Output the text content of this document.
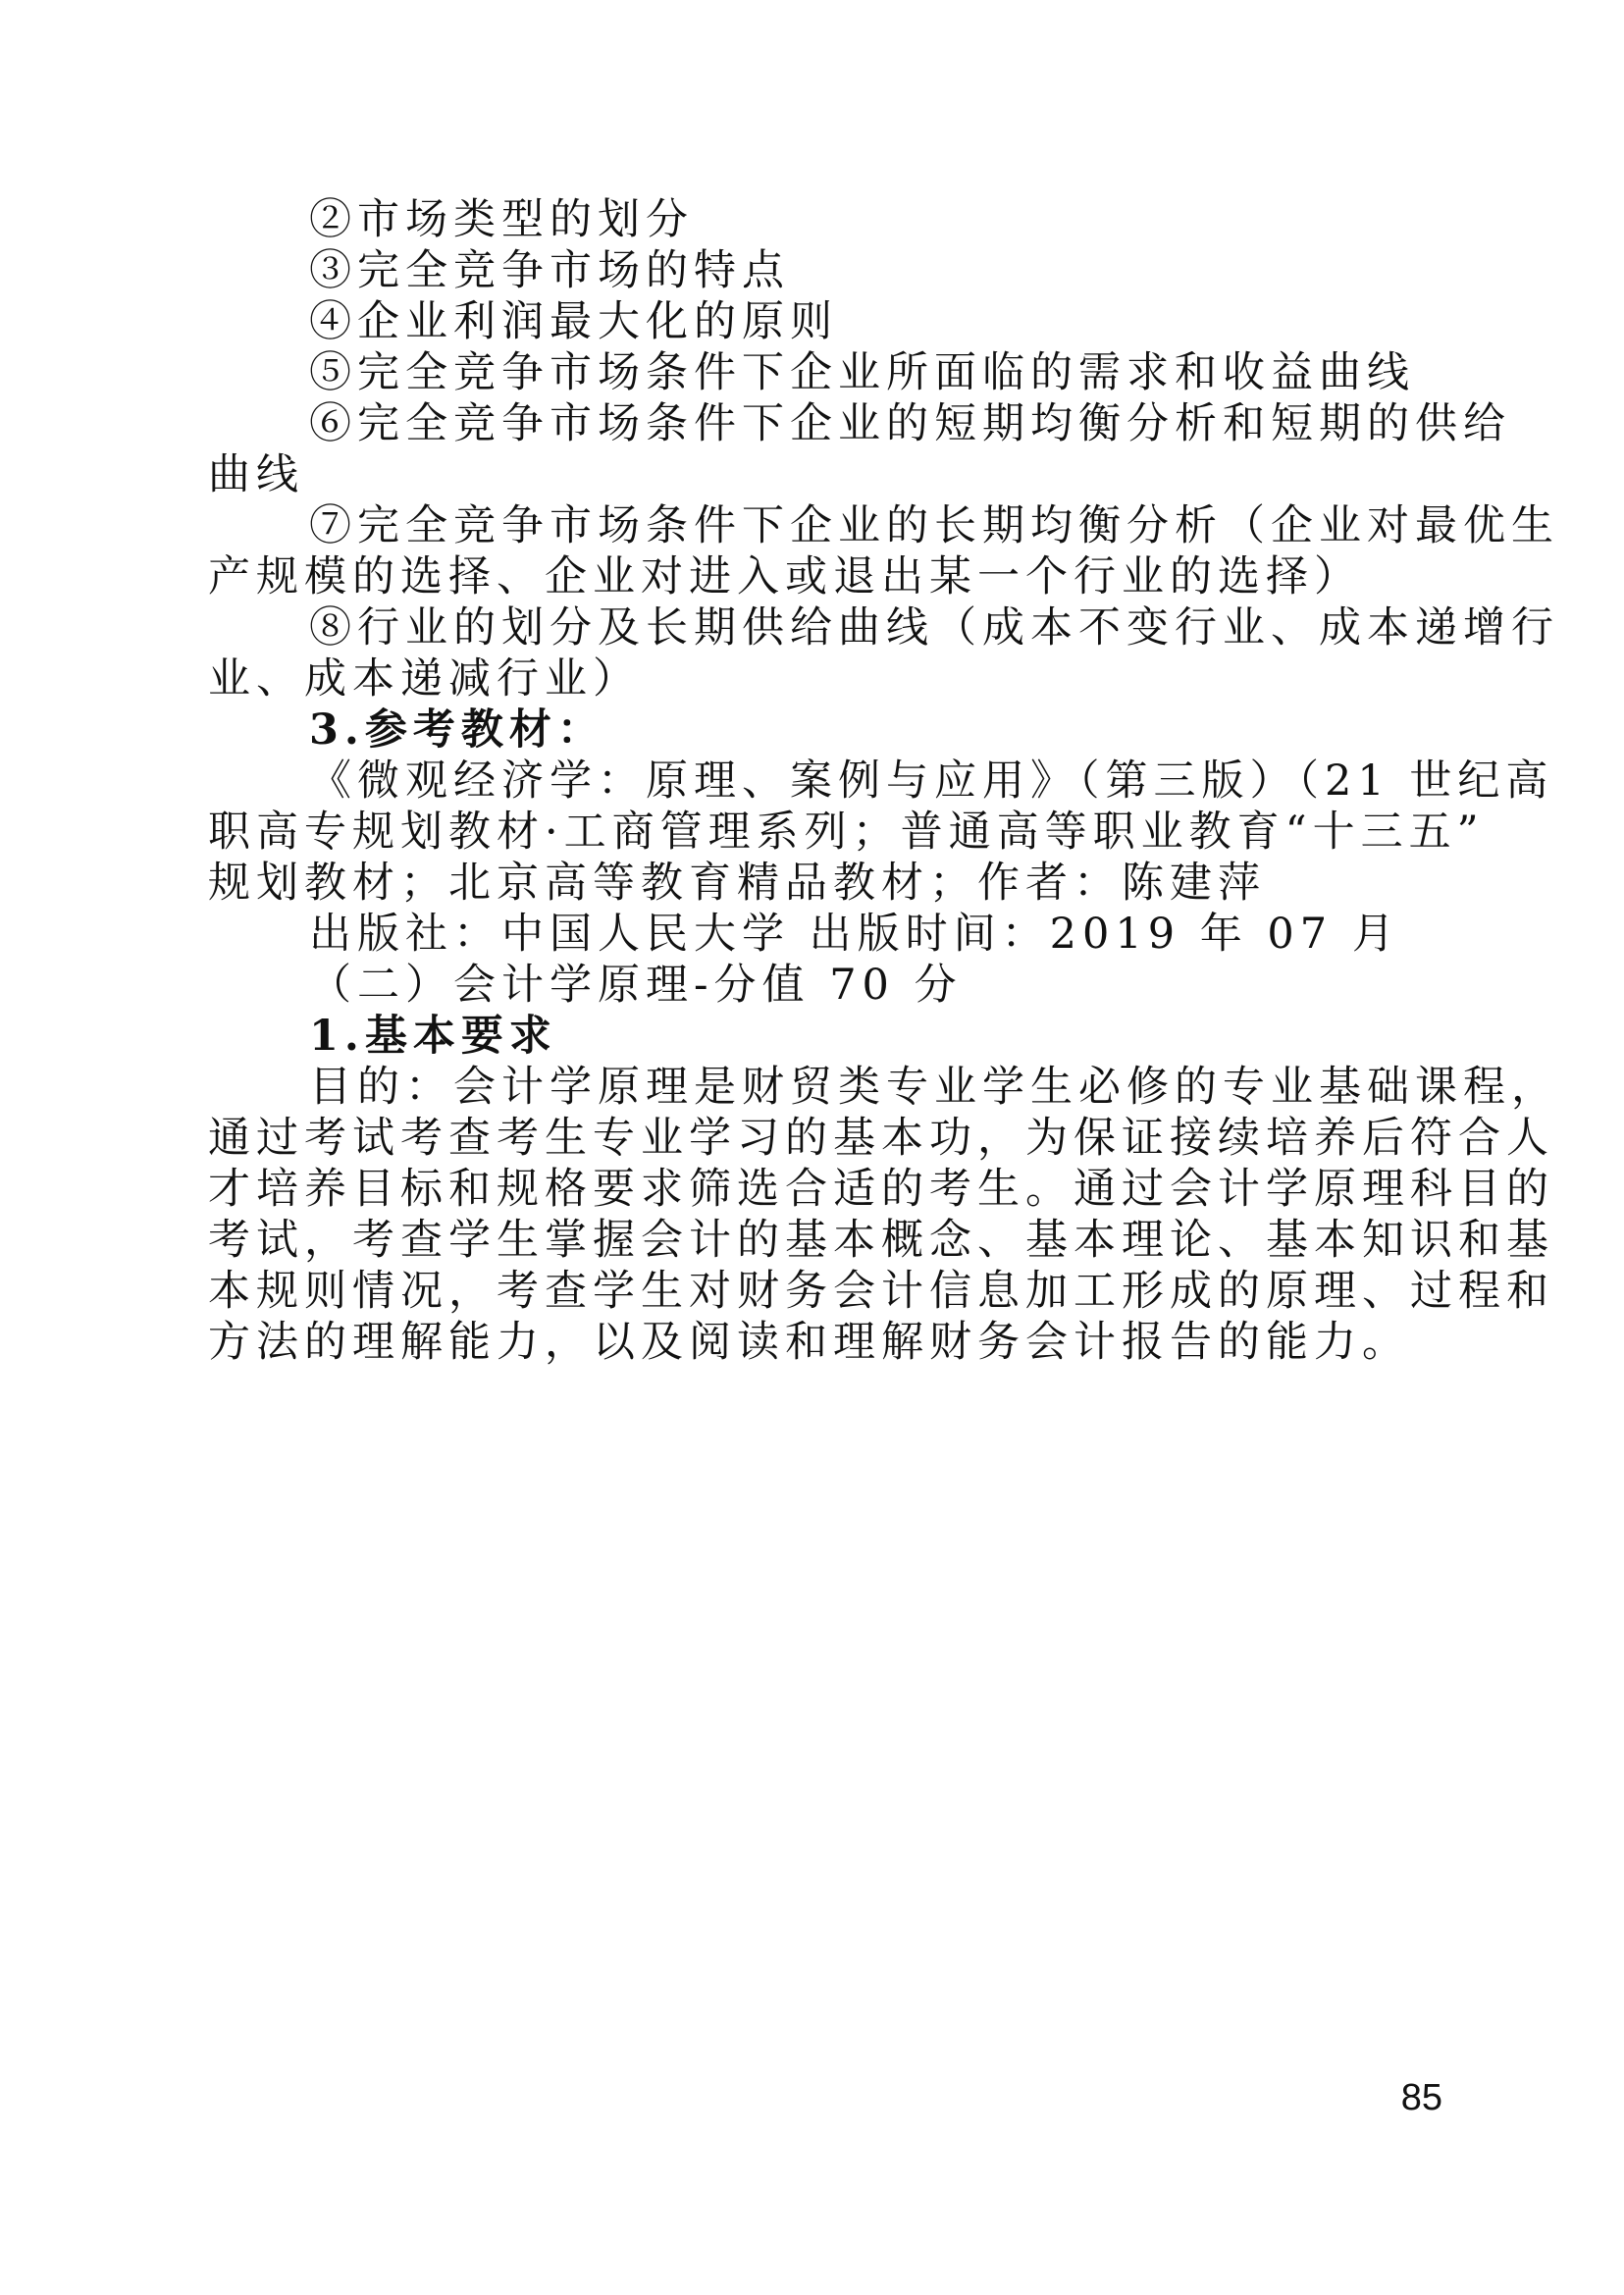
②市场类型的划分
③完全竞争市场的特点
④企业利润最大化的原则
⑤完全竞争市场条件下企业所面临的需求和收益曲线
⑥完全竞争市场条件下企业的短期均衡分析和短期的供给
曲线
⑦完全竞争市场条件下企业的长期均衡分析（企业对最优生
产规模的选择、企业对进入或退出某一个行业的选择）
⑧行业的划分及长期供给曲线（成本不变行业、成本递增行
业、成本递减行业）
3.参考教材：
《微观经济学：原理、案例与应用》（第三版）（21 世纪高
职高专规划教材·工商管理系列；普通高等职业教育“十三五”
规划教材；北京高等教育精品教材；作者：陈建萍
出版社：中国人民大学 出版时间：2019 年 07 月
（二）会计学原理-分值 70 分
1.基本要求
目的：会计学原理是财贸类专业学生必修的专业基础课程，
通过考试考查考生专业学习的基本功，为保证接续培养后符合人
才培养目标和规格要求筛选合适的考生。通过会计学原理科目的
考试，考查学生掌握会计的基本概念、基本理论、基本知识和基
本规则情况，考查学生对财务会计信息加工形成的原理、过程和
方法的理解能力，以及阅读和理解财务会计报告的能力。
85
